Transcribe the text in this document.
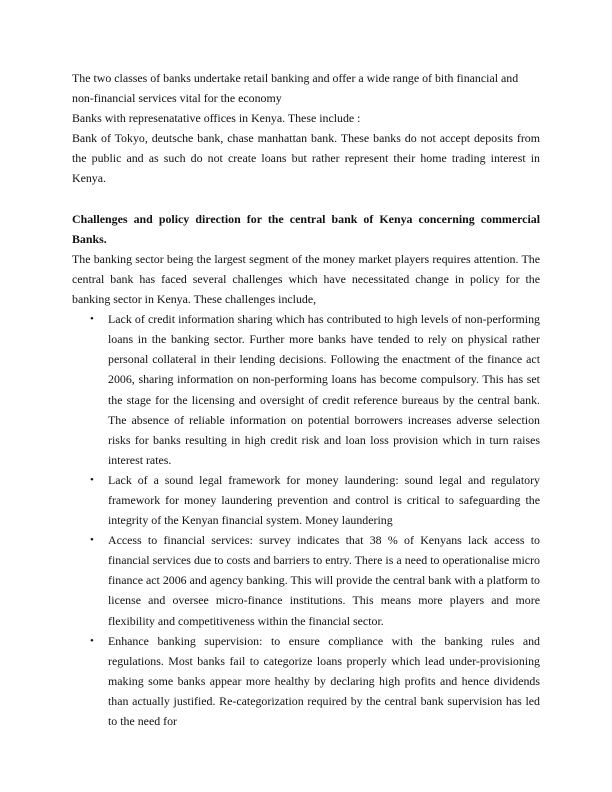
The two classes of banks undertake retail banking and offer a wide range of bith financial and non-financial services vital for the economy

Banks with represenatative offices in Kenya. These include :

Bank of Tokyo, deutsche bank, chase manhattan bank. These banks do not accept deposits from the public and as such do not create loans but rather represent their home trading interest in Kenya.

Challenges and policy direction for the central bank of Kenya concerning commercial Banks.

The banking sector being the largest segment of the money market players requires attention. The central bank has faced several challenges which have necessitated change in policy for the banking sector in Kenya. These challenges include,

• Lack of credit information sharing which has contributed to high levels of non-performing loans in the banking sector. Further more banks have tended to rely on physical rather personal collateral in their lending decisions. Following the enactment of the finance act 2006, sharing information on non-performing loans has become compulsory. This has set the stage for the licensing and oversight of credit reference bureaus by the central bank. The absence of reliable information on potential borrowers increases adverse selection risks for banks resulting in high credit risk and loan loss provision which in turn raises interest rates.
• Lack of a sound legal framework for money laundering: sound legal and regulatory framework for money laundering prevention and control is critical to safeguarding the integrity of the Kenyan financial system. Money laundering
• Access to financial services: survey indicates that 38 % of Kenyans lack access to financial services due to costs and barriers to entry. There is a need to operationalise micro finance act 2006 and agency banking. This will provide the central bank with a platform to license and oversee micro-finance institutions. This means more players and more flexibility and competitiveness within the financial sector.
• Enhance banking supervision: to ensure compliance with the banking rules and regulations. Most banks fail to categorize loans properly which lead under-provisioning making some banks appear more healthy by declaring high profits and hence dividends than actually justified. Re-categorization required by the central bank supervision has led to the need for
